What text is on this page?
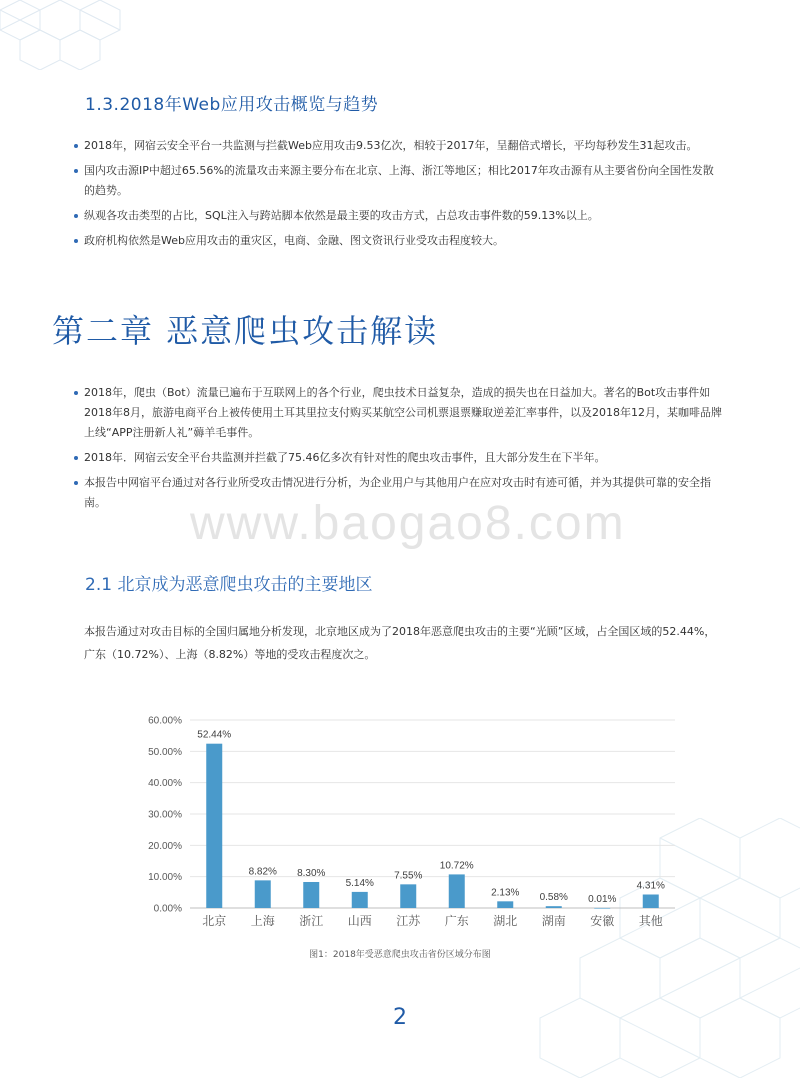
1.3.2018年Web应用攻击概览与趋势
2018年，网宿云安全平台一共监测与拦截Web应用攻击9.53亿次，相较于2017年，呈翻倍式增长，平均每秒发生31起攻击。
国内攻击源IP中超过65.56%的流量攻击来源主要分布在北京、上海、浙江等地区；相比2017年攻击源有从主要省份向全国性发散的趋势。
纵观各攻击类型的占比，SQL注入与跨站脚本依然是最主要的攻击方式，占总攻击事件数的59.13%以上。
政府机构依然是Web应用攻击的重灾区，电商、金融、图文资讯行业受攻击程度较大。
第二章 恶意爬虫攻击解读
2018年，爬虫（Bot）流量已遍布于互联网上的各个行业，爬虫技术日益复杂，造成的损失也在日益加大。著名的Bot攻击事件如2018年8月，旅游电商平台上被传使用土耳其里拉支付购买某航空公司机票退票赚取逆差汇率事件，以及2018年12月，某咖啡品牌上线“APP注册新人礼”薅羊毛事件。
2018年．网宿云安全平台共监测并拦截了75.46亿多次有针对性的爬虫攻击事件，且大部分发生在下半年。
本报告中网宿平台通过对各行业所受攻击情况进行分析，为企业用户与其他用户在应对攻击时有迹可循，并为其提供可靠的安全指南。	www.baogao8.com
2.1 北京成为恶意爬虫攻击的主要地区

本报告通过对攻击目标的全国归属地分析发现，北京地区成为了2018年恶意爬虫攻击的主要“光顾”区域，占全国区域的52.44%，广东（10.72%）、上海（8.82%）等地的受攻击程度次之。

0.00%
10.00%
20.00%
30.00%
40.00%
50.00%
60.00%
52.44%
北京
8.82%
上海
8.30%
浙江
5.14%
山西
7.55%
江苏
10.72%
广东
2.13%
湖北
0.58%
湖南
0.01%
安徽
4.31%
其他
图1：2018年受恶意爬虫攻击省份区域分布图
2
